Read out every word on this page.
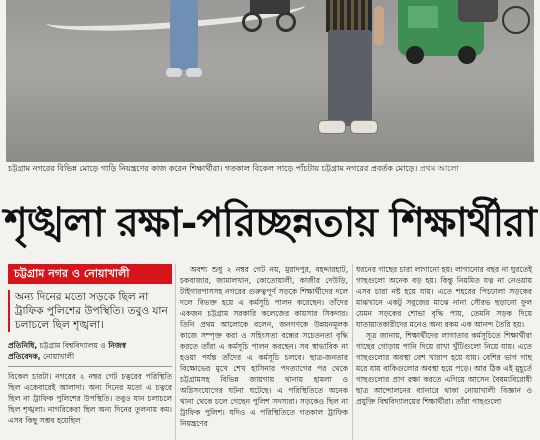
চট্টগ্রাম নগরের বিভিন্ন মোড়ে গাড়ি নিয়ন্ত্রণের কাজ করেন শিক্ষার্থীরা। গতকাল বিকেল সাড়ে পাঁচটায় চট্টগ্রাম নগরের প্রবর্তক মোড়ে। প্রথম আলো
শৃঙ্খলা রক্ষা-পরিচ্ছন্নতায় শিক্ষার্থীরা
চট্টগ্রাম নগর ও নোয়াখালী
অন্য দিনের মতো সড়কে ছিল না ট্রাফিক পুলিশের উপস্থিতি। তবুও যান চলাচলে ছিল শৃঙ্খলা।
প্রতিনিধি, চট্টগ্রাম বিশ্ববিদ্যালয় ও নিজস্ব
প্রতিবেদক, নোয়াখালী
বিকেল চারটা। নগরের ২ নম্বর গেট চত্বরের পরিস্থিতি ছিল একেবারেই আলাদা। অন্য দিনের মতো এ চত্বরে ছিল না ট্রাফিক পুলিশের উপস্থিতি। তবুও যান চলাচলে ছিল শৃঙ্খলা। নাগরিকেরা ছিল অন্য দিনের তুলনায় কম। এসব কিছু সম্ভব হয়েছিল

অবশ্য শুধু ২ নম্বর গেট নয়, মুরাদপুর, বহদ্দারহাট, চকবাজার, জামালখান, কোতোয়ালী, কাজীর দেউড়ি, টাইগারপাসসহ নগরের গুরুত্বপূর্ণ সড়কে শিক্ষার্থীদের দলে দলে বিভক্ত হয়ে এ কর্মসূচি পালন করেছেন। তাঁদের একজন চট্টগ্রাম সরকারি কলেজের কায়সার সিকদার। তিনি প্রথম আলোকে বলেন, জনগণকে উন্নয়নমূলক কাজে সম্পৃক্ত করা ও সহিংসতা বন্ধের সচেতনতা বৃদ্ধি করতে তাঁরা এ কর্মসূচি পালন করছেন। সব স্বাভাবিক না হওয়া পর্যন্ত তাঁদের এ কর্মসূচি চলবে। ছাত্র-জনতার বিক্ষোভের মুখে শেখ হাসিনার পদত্যাগের পর থেকে চট্টগ্রামসহ বিভিন্ন জায়গায় থানায় হামলা ও অগ্নিসংযোগের ঘটনা ঘটেছে। এ পরিস্থিতিতে অনেক থানা থেকে চলে গেছেন পুলিশ সদস্যরা। সড়কেও ছিল না ট্রাফিক পুলিশ। যদিও এ পরিস্থিতিতে গতকাল ট্রাফিক নিয়ন্ত্রণের

ধরনের গাছের চারা লাগানো হয়। লাগানোর বছর না ঘুরতেই গাছগুলো অনেক বড় হয়। কিন্তু নিয়মিত যত্ন না নেওয়ায় এসব চারা নষ্ট হয়ে যায়। এতে শহরের পিচঢালা সড়কের মাঝখানে একটু সবুজের মাঝে নানা সৌরভ ছড়ানো ফুল যেমন সড়কের শোভা বৃদ্ধি পায়, তেমনি সড়ক দিয়ে যাতায়াতকারীদের মনেও অন্য রকম এক আনন্দ তৈরি হয়।

সূত্র জানায়, শিক্ষার্থীদের লাগাতার কর্মসূচিতে শিক্ষার্থীরা গাছের গোড়ায় পানি দিয়ে রাখা খুঁটিগুলো নিয়ে যায়। এতে গাছগুলোর অবস্থা বেশ খারাপ হয়ে যায়। বেশির ভাগ গাছ মরে যায় বাকিগুলোর অবস্থা হয়ে পড়ে। আর ঠিক এই মুহূর্তে গাছগুলোর প্রাণ রক্ষা করতে এগিয়ে আসেন বৈষম্যবিরোধী ছাত্র আন্দোলনের ব্যানারে থাকা নোয়াখালী বিজ্ঞান ও প্রযুক্তি বিশ্ববিদ্যালয়ের শিক্ষার্থীরা। তাঁরা গাছগুলো
